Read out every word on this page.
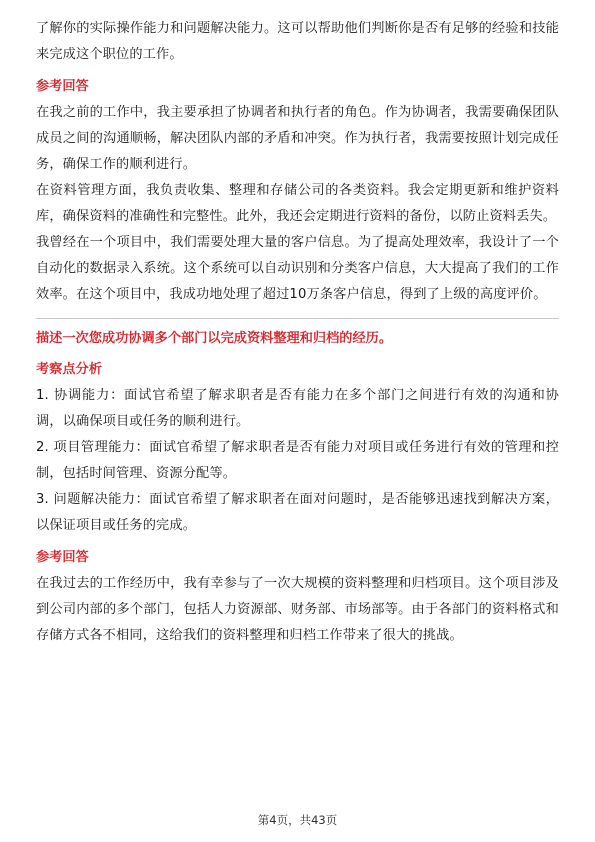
了解你的实际操作能力和问题解决能力。这可以帮助他们判断你是否有足够的经验和技能来完成这个职位的工作。

参考回答

在我之前的工作中，我主要承担了协调者和执行者的角色。作为协调者，我需要确保团队成员之间的沟通顺畅，解决团队内部的矛盾和冲突。作为执行者，我需要按照计划完成任务，确保工作的顺利进行。

在资料管理方面，我负责收集、整理和存储公司的各类资料。我会定期更新和维护资料库，确保资料的准确性和完整性。此外，我还会定期进行资料的备份，以防止资料丢失。

我曾经在一个项目中，我们需要处理大量的客户信息。为了提高处理效率，我设计了一个自动化的数据录入系统。这个系统可以自动识别和分类客户信息，大大提高了我们的工作效率。在这个项目中，我成功地处理了超过10万条客户信息，得到了上级的高度评价。

描述一次您成功协调多个部门以完成资料整理和归档的经历。

考察点分析

1. 协调能力：面试官希望了解求职者是否有能力在多个部门之间进行有效的沟通和协调，以确保项目或任务的顺利进行。

2. 项目管理能力：面试官希望了解求职者是否有能力对项目或任务进行有效的管理和控制，包括时间管理、资源分配等。

3. 问题解决能力：面试官希望了解求职者在面对问题时，是否能够迅速找到解决方案，以保证项目或任务的完成。

参考回答

在我过去的工作经历中，我有幸参与了一次大规模的资料整理和归档项目。这个项目涉及到公司内部的多个部门，包括人力资源部、财务部、市场部等。由于各部门的资料格式和存储方式各不相同，这给我们的资料整理和归档工作带来了很大的挑战。

第4页，共43页
